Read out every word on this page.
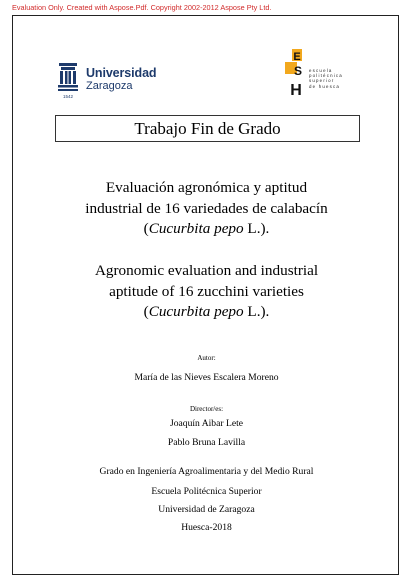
Evaluation Only. Created with Aspose.Pdf. Copyright 2002-2012 Aspose Pty Ltd.
1542
Universidad
Zaragoza
E
S
H
escuela
politécnica
superior
de huesca
Trabajo Fin de Grado
Evaluación agronómica y aptitud
industrial de 16 variedades de calabacín
(Cucurbita pepo L.).
Agronomic evaluation and industrial
aptitude of 16 zucchini varieties
(Cucurbita pepo L.).
Autor:
María de las Nieves Escalera Moreno
Director/es:
Joaquín Aibar Lete
Pablo Bruna Lavilla
Grado en Ingeniería Agroalimentaria y del Medio Rural
Escuela Politécnica Superior
Universidad de Zaragoza
Huesca-2018
